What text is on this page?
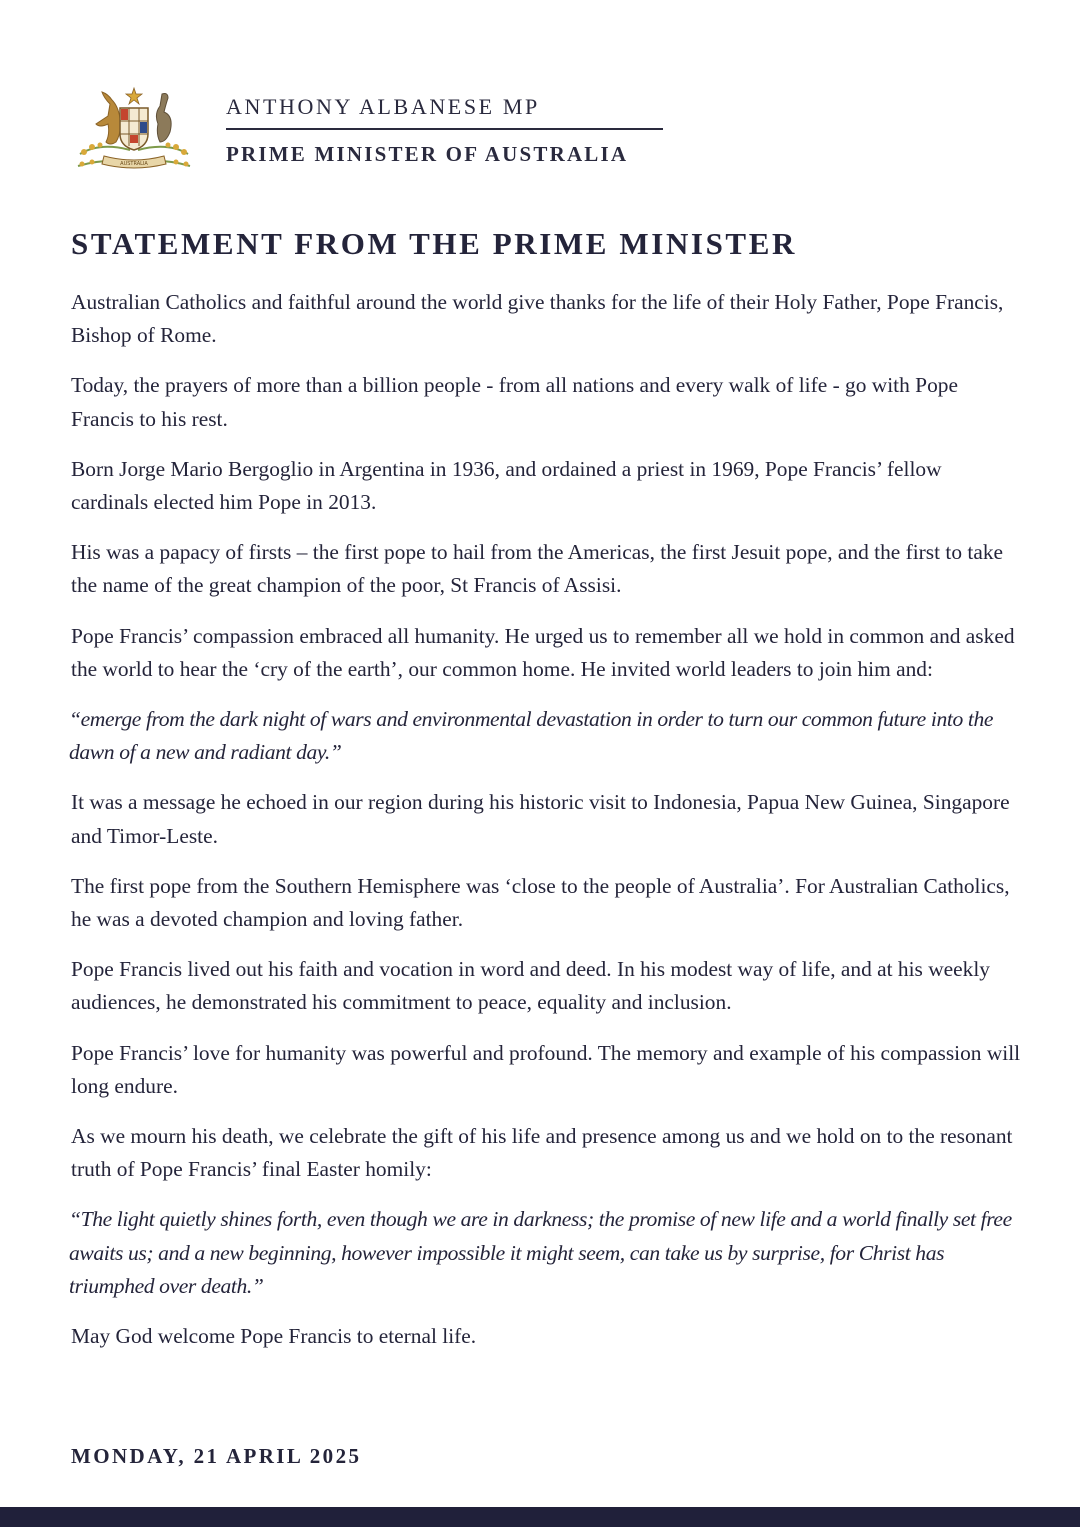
AUSTRALIA
ANTHONY ALBANESE MP
PRIME MINISTER OF AUSTRALIA
STATEMENT FROM THE PRIME MINISTER

Australian Catholics and faithful around the world give thanks for the life of their Holy Father, Pope Francis, Bishop of Rome.

Today, the prayers of more than a billion people - from all nations and every walk of life - go with Pope Francis to his rest.

Born Jorge Mario Bergoglio in Argentina in 1936, and ordained a priest in 1969, Pope Francis’ fellow cardinals elected him Pope in 2013.

His was a papacy of firsts – the first pope to hail from the Americas, the first Jesuit pope, and the first to take the name of the great champion of the poor, St Francis of Assisi.

Pope Francis’ compassion embraced all humanity. He urged us to remember all we hold in common and asked the world to hear the ‘cry of the earth’, our common home. He invited world leaders to join him and:

“emerge from the dark night of wars and environmental devastation in order to turn our common future into the dawn of a new and radiant day.”

It was a message he echoed in our region during his historic visit to Indonesia, Papua New Guinea, Singapore and Timor-Leste.

The first pope from the Southern Hemisphere was ‘close to the people of Australia’. For Australian Catholics, he was a devoted champion and loving father.

Pope Francis lived out his faith and vocation in word and deed. In his modest way of life, and at his weekly audiences, he demonstrated his commitment to peace, equality and inclusion.

Pope Francis’ love for humanity was powerful and profound. The memory and example of his compassion will long endure.

As we mourn his death, we celebrate the gift of his life and presence among us and we hold on to the resonant truth of Pope Francis’ final Easter homily:

“The light quietly shines forth, even though we are in darkness; the promise of new life and a world finally set free awaits us; and a new beginning, however impossible it might seem, can take us by surprise, for Christ has triumphed over death.”

May God welcome Pope Francis to eternal life.

MONDAY, 21 APRIL 2025
